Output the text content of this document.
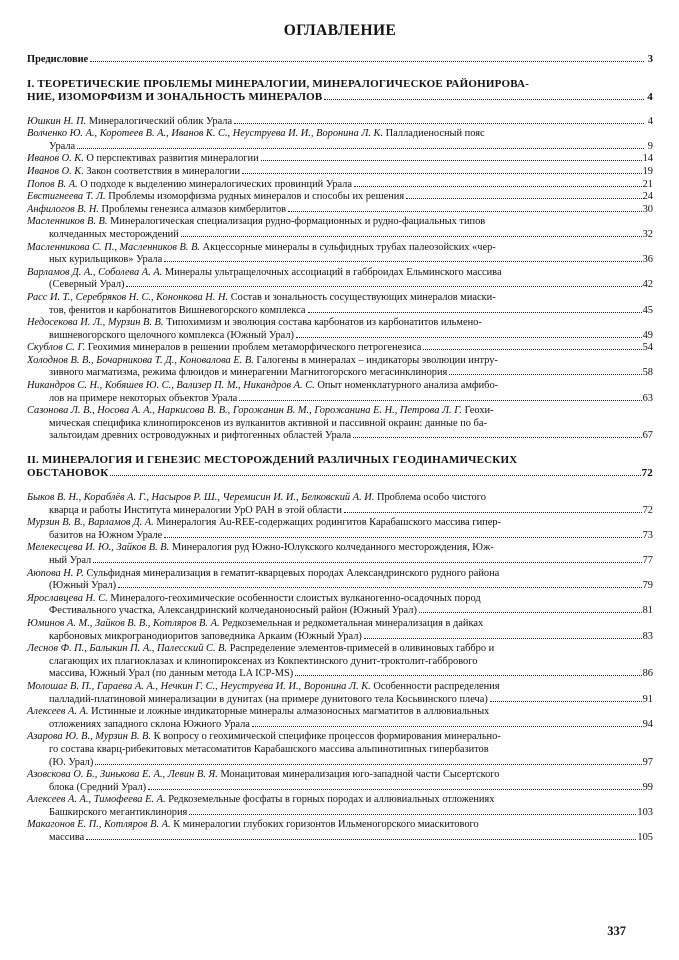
ОГЛАВЛЕНИЕ
Предисловие	3
I. ТЕОРЕТИЧЕСКИЕ ПРОБЛЕМЫ МИНЕРАЛОГИИ, МИНЕРАЛОГИЧЕСКОЕ РАЙОНИРОВА-
НИЕ, ИЗОМОРФИЗМ И ЗОНАЛЬНОСТЬ МИНЕРАЛОВ	4
Юшкин Н. П. Минералогический облик Урала	4
Волченко Ю. А., Коротеев В. А., Иванов К. С., Неуструева И. И., Воронина Л. К. Палладиеносный пояс
Урала	9
Иванов О. К. О перспективах развития минералогии	14
Иванов О. К. Закон соответствия в минералогии	19
Попов В. А. О подходе к выделению минералогических провинций Урала	21
Евстигнеева Т. Л. Проблемы изоморфизма рудных минералов и способы их решения	24
Анфилогов В. Н. Проблемы генезиса алмазов кимберлитов	30
Масленников В. В. Минералогическая специализация рудно-формационных и рудно-фациальных типов
колчеданных месторождений	32
Масленникова С. П., Масленников В. В. Акцессорные минералы в сульфидных трубах палеозойских «чер-
ных курильщиков» Урала	36
Варламов Д. А., Соболева А. А. Минералы ультращелочных ассоциаций в габброидах Ельминского массива
(Северный Урал)	42
Расс И. Т., Серебряков Н. С., Кононкова Н. Н. Состав и зональность сосуществующих минералов миаски-
тов, фенитов и карбонатитов Вишневогорского комплекса	45
Недосекова И. Л., Мурзин В. В. Типохимизм и эволюция состава карбонатов из карбонатитов ильмено-
вишневогорского щелочного комплекса (Южный Урал)	49
Скублов С. Г. Геохимия минералов в решении проблем метаморфического петрогенезиса	54
Холоднов В. В., Бочарникова Т. Д., Коновалова Е. В. Галогены в минералах – индикаторы эволюции интру-
зивного магматизма, режима флюидов и минерагении Магнитогорского мегасинклинория	58
Никандров С. Н., Кобяшев Ю. С., Вализер П. М., Никандров А. С. Опыт номенклатурного анализа амфибо-
лов на примере некоторых объектов Урала	63
Сазонова Л. В., Носова А. А., Наркисова В. В., Горожанин В. М., Горожанина Е. Н., Петрова Л. Г. Геохи-
мическая специфика клинопироксенов из вулканитов активной и пассивной окраин: данные по ба-
зальтоидам древних островодужных и рифтогенных областей Урала	67
II. МИНЕРАЛОГИЯ И ГЕНЕЗИС МЕСТОРОЖДЕНИЙ РАЗЛИЧНЫХ ГЕОДИНАМИЧЕСКИХ
ОБСТАНОВОК	72
Быков В. Н., Кораблёв А. Г., Насыров Р. Ш., Черемисин И. И., Белковский А. И. Проблема особо чистого
кварца и работы Института минералогии УрО РАН в этой области	72
Мурзин В. В., Варламов Д. А. Минералогия Au-REE-содержащих родингитов Карабашского массива гипер-
базитов на Южном Урале	73
Мелекесцева И. Ю., Зайков В. В. Минералогия руд Южно-Юлукского колчеданного месторождения, Юж-
ный Урал	77
Аюпова Н. Р. Сульфидная минерализация в гематит-кварцевых породах Александринского рудного района
(Южный Урал)	79
Ярославцева Н. С. Минералого-геохимические особенности слоистых вулканогенно-осадочных пород
Фестивального участка, Александринский колчеданоносный район (Южный Урал)	81
Юминов А. М., Зайков В. В., Котляров В. А. Редкоземельная и редкометальная минерализация в дайках
карбоновых микрогранодиоритов заповедника Аркаим (Южный Урал)	83
Леснов Ф. П., Балыкин П. А., Палесский С. В. Распределение элементов-примесей в оливиновых габбро и
слагающих их плагиоклазах и клинопироксенах из Кокпектинского дунит-троктолит-габбрового
массива, Южный Урал (по данным метода LA ICP-MS)	86
Молошаг В. П., Гараева А. А., Нечкин Г. С., Неуструева И. И., Воронина Л. К. Особенности распределения
палладий-платиновой минерализации в дунитах (на примере дунитового тела Косьвинского плеча)	91
Алексеев А. А. Истинные и ложные индикаторные минералы алмазоносных магматитов в аллювиальных
отложениях западного склона Южного Урала	94
Азарова Ю. В., Мурзин В. В. К вопросу о геохимической специфике процессов формирования минерально-
го состава кварц-рибекитовых метасоматитов Карабашского массива альпинотипных гипербазитов
(Ю. Урал)	97
Азовскова О. Б., Зинькова Е. А., Левин В. Я. Монацитовая минерализация юго-западной части Сысертского
блока (Средний Урал)	99
Алексеев А. А., Тимофеева Е. А. Редкоземельные фосфаты в горных породах и аллювиальных отложениях
Башкирского мегантиклинория	103
Макагонов Е. П., Котляров В. А. К минералогии глубоких горизонтов Ильменогорского миаскитового
массива	105
337
